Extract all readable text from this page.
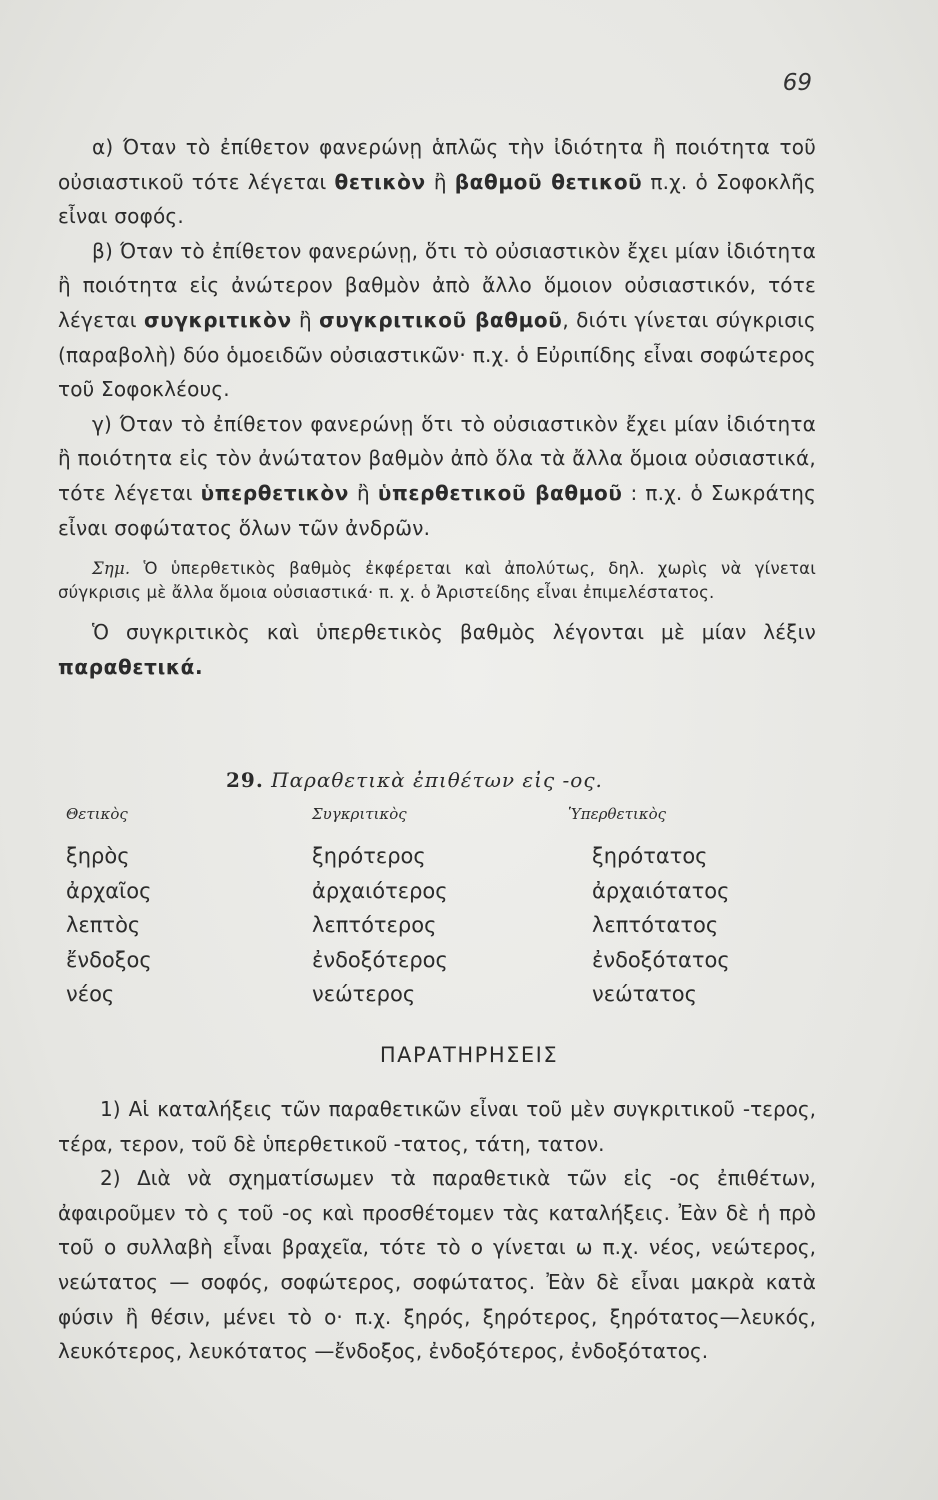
69

α) Όταν τὸ ἐπίθετον φανερώνῃ ἁπλῶς τὴν ἰδιότητα ἢ ποιότητα τοῦ οὐσιαστικοῦ τότε λέγεται θετικὸν ἢ βαθμοῦ θετικοῦ π.χ. ὁ Σοφοκλῆς εἶναι σοφός.

β) Όταν τὸ ἐπίθετον φανερώνῃ, ὅτι τὸ οὐσιαστικὸν ἔχει μίαν ἰδιότητα ἢ ποιότητα εἰς ἀνώτερον βαθμὸν ἀπὸ ἄλλο ὅμοιον οὐσιαστικόν, τότε λέγεται συγκριτικὸν ἢ συγκριτικοῦ βαθμοῦ, διότι γίνεται σύγκρισις (παραβολὴ) δύο ὁμοειδῶν οὐσιαστικῶν· π.χ. ὁ Εὐριπίδης εἶναι σοφώτερος τοῦ Σοφοκλέους.

γ) Όταν τὸ ἐπίθετον φανερώνῃ ὅτι τὸ οὐσιαστικὸν ἔχει μίαν ἰδιότητα ἢ ποιότητα εἰς τὸν ἀνώτατον βαθμὸν ἀπὸ ὅλα τὰ ἄλλα ὅμοια οὐσιαστικά, τότε λέγεται ὑπερθετικὸν ἢ ὑπερθετικοῦ βαθμοῦ : π.χ. ὁ Σωκράτης εἶναι σοφώτατος ὅλων τῶν ἀνδρῶν.

Σημ. Ὁ ὑπερθετικὸς βαθμὸς ἐκφέρεται καὶ ἀπολύτως, δηλ. χωρὶς νὰ γίνεται σύγκρισις μὲ ἄλλα ὅμοια οὐσιαστικά· π. χ. ὁ Ἀριστείδης εἶναι ἐπιμελέστατος.

Ὁ συγκριτικὸς καὶ ὑπερθετικὸς βαθμὸς λέγονται μὲ μίαν λέξιν παραθετικά.

29. Παραθετικὰ ἐπιθέτων εἰς -ος.
Θετικὸς	Συγκριτικὸς	Ὑπερθετικὸς
ξηρὸς	ξηρότερος	ξηρότατος
ἀρχαῖος	ἀρχαιότερος	ἀρχαιότατος
λεπτὸς	λεπτότερος	λεπτότατος
ἔνδοξος	ἐνδοξότερος	ἐνδοξότατος
νέος	νεώτερος	νεώτατος
ΠΑΡΑΤΗΡΗΣΕΙΣ

1) Αἱ καταλήξεις τῶν παραθετικῶν εἶναι τοῦ μὲν συγκριτικοῦ -τερος, τέρα, τερον, τοῦ δὲ ὑπερθετικοῦ -τατος, τάτη, τατον.

2) Διὰ νὰ σχηματίσωμεν τὰ παραθετικὰ τῶν εἰς -ος ἐπιθέτων, ἀφαιροῦμεν τὸ ς τοῦ -ος καὶ προσθέτομεν τὰς καταλήξεις. Ἐὰν δὲ ἡ πρὸ τοῦ ο συλλαβὴ εἶναι βραχεῖα, τότε τὸ ο γίνεται ω π.χ. νέος, νεώτερος, νεώτατος — σοφός, σοφώτερος, σοφώτατος. Ἐὰν δὲ εἶναι μακρὰ κατὰ φύσιν ἢ θέσιν, μένει τὸ ο· π.χ. ξηρός, ξηρότερος, ξηρότατος—λευκός, λευκότερος, λευκότατος —ἔνδοξος, ἐνδοξότερος, ἐνδοξότατος.
